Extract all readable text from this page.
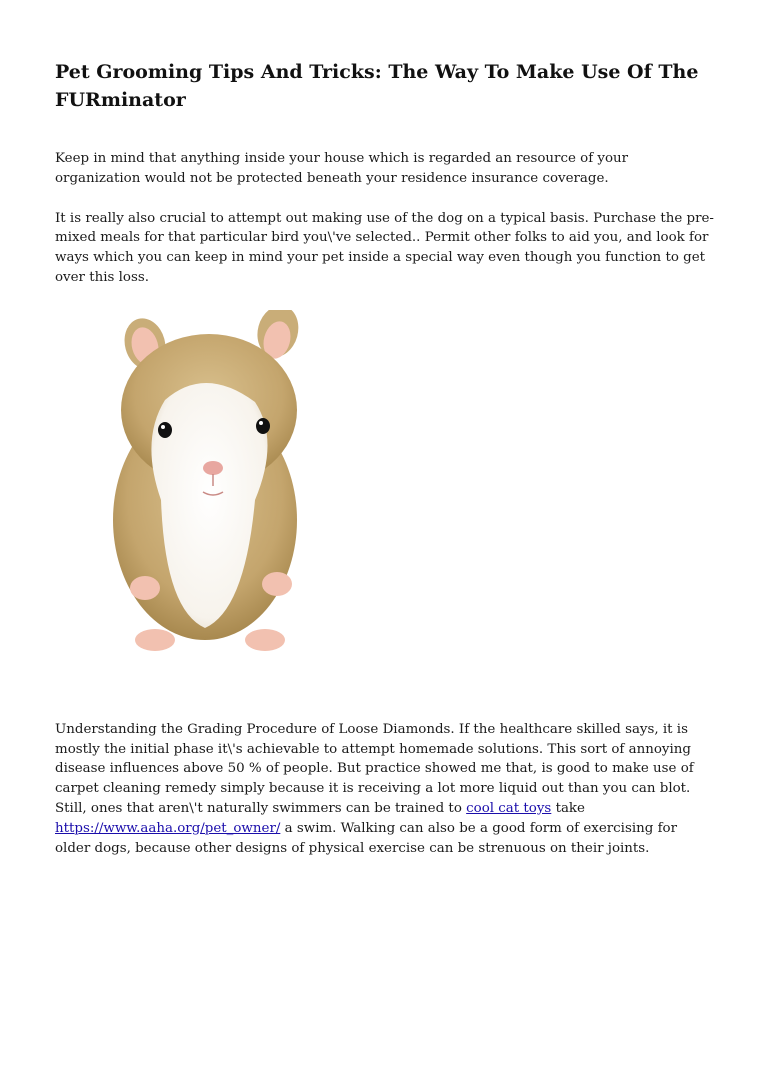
Pet Grooming Tips And Tricks: The Way To Make Use Of The FURminator

Keep in mind that anything inside your house which is regarded an resource of your organization would not be protected beneath your residence insurance coverage.

It is really also crucial to attempt out making use of the dog on a typical basis. Purchase the pre-mixed meals for that particular bird you\'ve selected.. Permit other folks to aid you, and look for ways which you can keep in mind your pet inside a special way even though you function to get over this loss.

Understanding the Grading Procedure of Loose Diamonds. If the healthcare skilled says, it is mostly the initial phase it\'s achievable to attempt homemade solutions. This sort of annoying disease influences above 50 % of people. But practice showed me that, is good to make use of carpet cleaning remedy simply because it is receiving a lot more liquid out than you can blot. Still, ones that aren\'t naturally swimmers can be trained to cool cat toys take https://www.aaha.org/pet_owner/ a swim. Walking can also be a good form of exercising for older dogs, because other designs of physical exercise can be strenuous on their joints.
